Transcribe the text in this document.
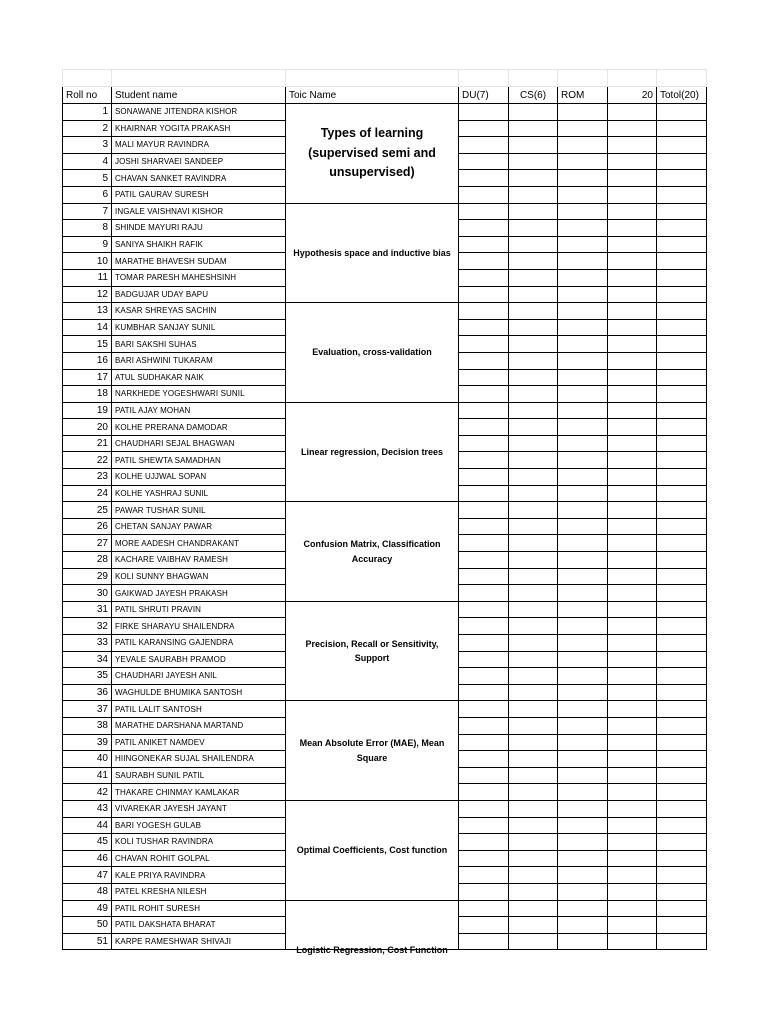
Roll no	Student name	Toic Name	DU(7)	CS(6)	ROM	20	Totol(20)
1	SONAWANE JITENDRA KISHOR	Types of learning (supervised semi and unsupervised)					
2	KHAIRNAR YOGITA PRAKASH						
3	MALI MAYUR RAVINDRA						
4	JOSHI SHARVAEI SANDEEP						
5	CHAVAN SANKET RAVINDRA						
6	PATIL GAURAV SURESH						
7	INGALE VAISHNAVI KISHOR	Hypothesis space and inductive bias					
8	SHINDE MAYURI RAJU						
9	SANIYA SHAIKH RAFIK						
10	MARATHE BHAVESH SUDAM						
11	TOMAR PARESH MAHESHSINH						
12	BADGUJAR UDAY BAPU						
13	KASAR SHREYAS SACHIN	Evaluation, cross-validation					
14	KUMBHAR SANJAY SUNIL						
15	BARI SAKSHI SUHAS						
16	BARI ASHWINI TUKARAM						
17	ATUL SUDHAKAR NAIK						
18	NARKHEDE YOGESHWARI SUNIL						
19	PATIL AJAY MOHAN	Linear regression, Decision trees					
20	KOLHE PRERANA DAMODAR						
21	CHAUDHARI SEJAL BHAGWAN						
22	PATIL SHEWTA SAMADHAN						
23	KOLHE UJJWAL SOPAN						
24	KOLHE YASHRAJ SUNIL						
25	PAWAR TUSHAR SUNIL	Confusion Matrix, Classification Accuracy					
26	CHETAN SANJAY PAWAR						
27	MORE AADESH CHANDRAKANT						
28	KACHARE VAIBHAV RAMESH						
29	KOLI SUNNY BHAGWAN						
30	GAIKWAD JAYESH PRAKASH						
31	PATIL SHRUTI PRAVIN	Precision, Recall or Sensitivity, Support					
32	FIRKE SHARAYU SHAILENDRA						
33	PATIL KARANSING GAJENDRA						
34	YEVALE SAURABH PRAMOD						
35	CHAUDHARI JAYESH ANIL						
36	WAGHULDE BHUMIKA SANTOSH						
37	PATIL LALIT SANTOSH	Mean Absolute Error (MAE), Mean Square					
38	MARATHE DARSHANA MARTAND						
39	PATIL ANIKET NAMDEV						
40	HIINGONEKAR SUJAL SHAILENDRA						
41	SAURABH SUNIL PATIL						
42	THAKARE CHINMAY KAMLAKAR						
43	VIVAREKAR JAYESH JAYANT	Optimal Coefficients, Cost function					
44	BARI YOGESH GULAB						
45	KOLI TUSHAR RAVINDRA						
46	CHAVAN ROHIT GOLPAL						
47	KALE PRIYA RAVINDRA						
48	PATEL KRESHA NILESH						
49	PATIL ROHIT SURESH	Logistic Regression, Cost Function					

50	PATIL DAKSHATA BHARAT						
51	KARPE RAMESHWAR SHIVAJI						
